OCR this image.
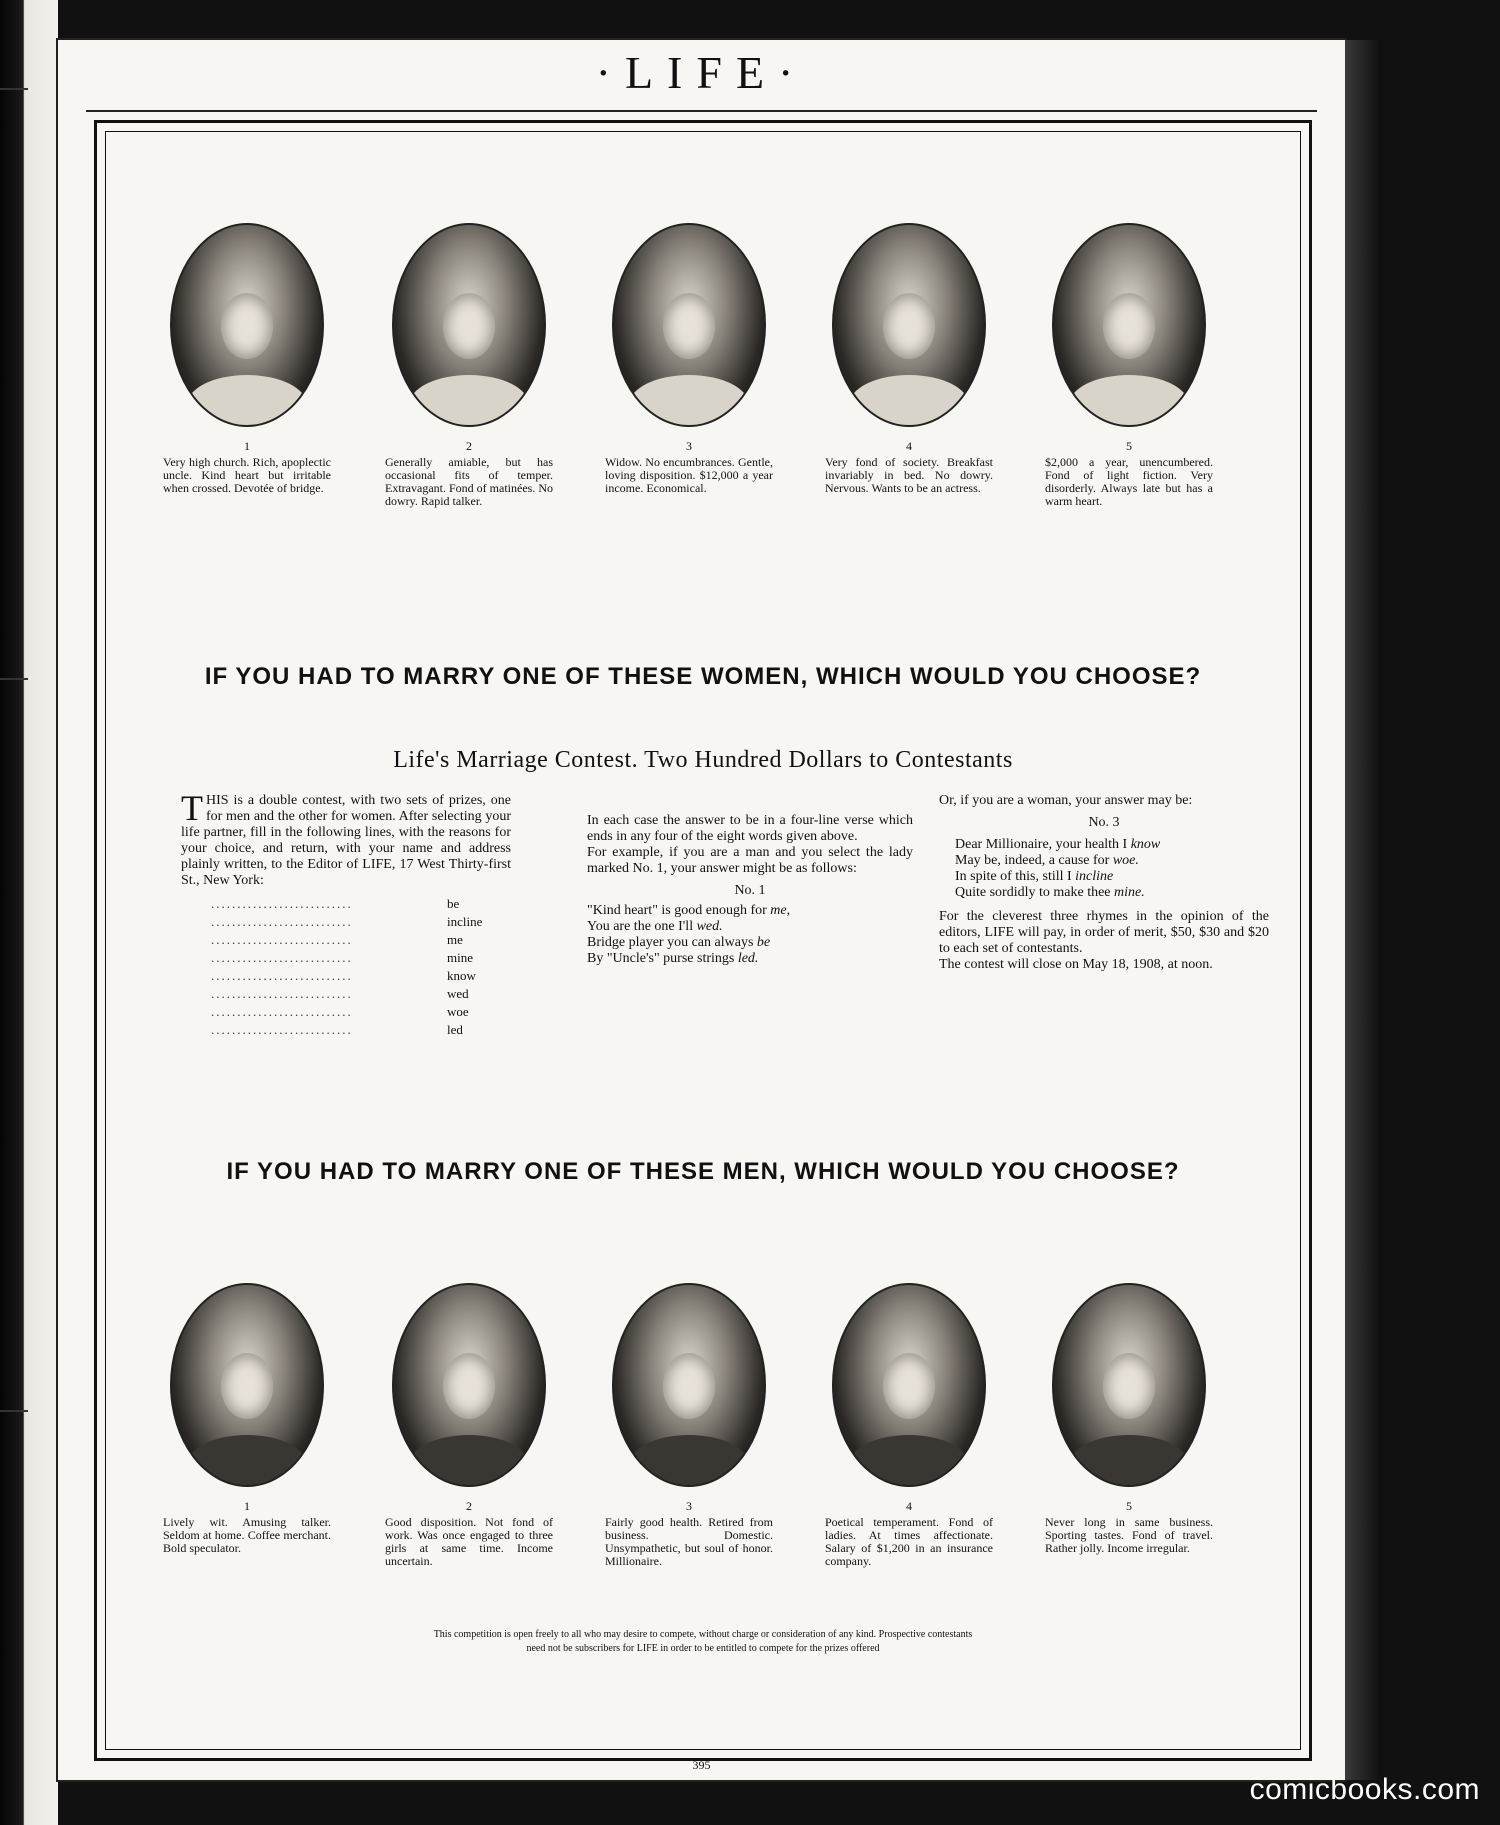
·LIFE·
1
Very high church. Rich, apoplectic uncle. Kind heart but irritable when crossed. Devotée of bridge.
2
Generally amiable, but has occasional fits of temper. Extravagant. Fond of matinées. No dowry. Rapid talker.
3
Widow. No encumbrances. Gentle, loving disposition. $12,000 a year income. Economical.
4
Very fond of society. Breakfast invariably in bed. No dowry. Nervous. Wants to be an actress.
5
$2,000 a year, unencumbered. Fond of light fiction. Very disorderly. Always late but has a warm heart.
IF YOU HAD TO MARRY ONE OF THESE WOMEN, WHICH WOULD YOU CHOOSE?
Life's Marriage Contest. Two Hundred Dollars to Contestants

THIS is a double contest, with two sets of prizes, one for men and the other for women. After selecting your life partner, fill in the following lines, with the reasons for your choice, and return, with your name and address plainly written, to the Editor of LIFE, 17 West Thirty-first St., New York:

...........................	be
...........................	incline
...........................	me
...........................	mine
...........................	know
...........................	wed
...........................	woe
...........................	led

In each case the answer to be in a four-line verse which ends in any four of the eight words given above.

For example, if you are a man and you select the lady marked No. 1, your answer might be as follows:

No. 1

"Kind heart" is good enough for me,

You are the one I'll wed.

Bridge player you can always be

By "Uncle's" purse strings led.

Or, if you are a woman, your answer may be:

No. 3

Dear Millionaire, your health I know

May be, indeed, a cause for woe.

In spite of this, still I incline

Quite sordidly to make thee mine.

For the cleverest three rhymes in the opinion of the editors, LIFE will pay, in order of merit, $50, $30 and $20 to each set of contestants.

The contest will close on May 18, 1908, at noon.

IF YOU HAD TO MARRY ONE OF THESE MEN, WHICH WOULD YOU CHOOSE?
1
Lively wit. Amusing talker. Seldom at home. Coffee merchant. Bold speculator.
2
Good disposition. Not fond of work. Was once engaged to three girls at same time. Income uncertain.
3
Fairly good health. Retired from business. Domestic. Unsympathetic, but soul of honor. Millionaire.
4
Poetical temperament. Fond of ladies. At times affectionate. Salary of $1,200 in an insurance company.
5
Never long in same business. Sporting tastes. Fond of travel. Rather jolly. Income irregular.
This competition is open freely to all who may desire to compete, without charge or consideration of any kind. Prospective contestants
need not be subscribers for LIFE in order to be entitled to compete for the prizes offered
395
comicbooks.com
